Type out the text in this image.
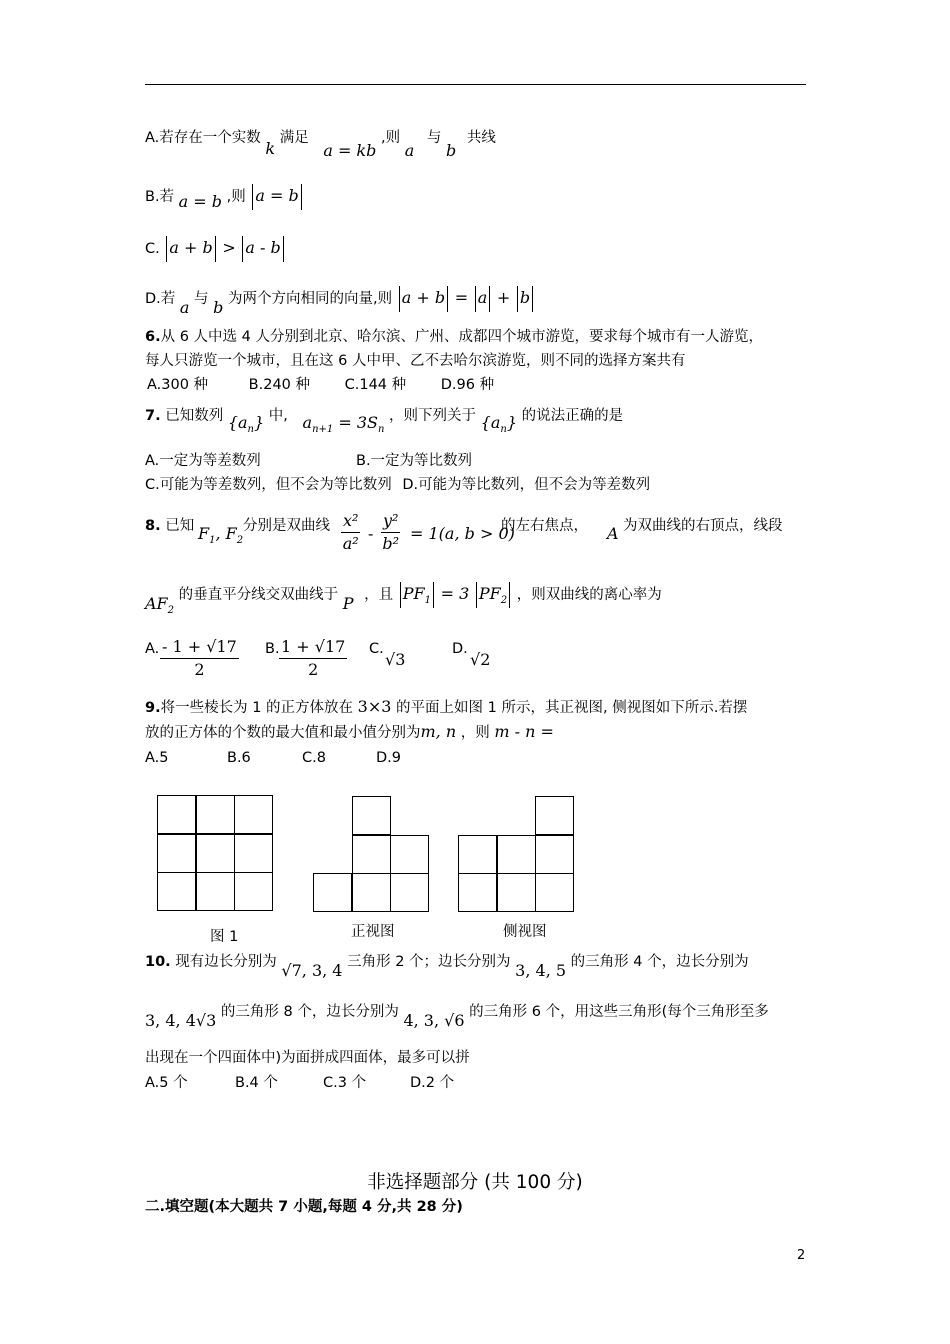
A.若存在一个实数 k 满足 a = kb ,则 a 与 b 共线
B.若 a = b ,则 a = b
C. a + b > a - b
D.若 a 与 b 为两个方向相同的向量,则 a + b = a + b
6.从 6 人中选 4 人分别到北京、哈尔滨、广州、成都四个城市游览，要求每个城市有一人游览，
每人只游览一个城市，且在这 6 人中甲、乙不去哈尔滨游览，则不同的选择方案共有
A.300 种	B.240 种 C.144 种 D.96 种
7. 已知数列 $\{a_n\}$ 中, $a_{n+1} = 3S_n$ ，则下列关于 $\{a_n\}$ 的说法正确的是
A.一定为等差数列	B.一定为等比数列
C.可能为等差数列，但不会为等比数列 D.可能为等比数列，但不会为等差数列
8. 已知 $F_1$, $F_2$
分别是双曲线 $\frac{\text{x²}}{\text{a²}} - \frac{\text{y²}}{\text{b²}} = 1(a$, b > 0)
的左右焦点， A 为双曲线的右顶点，线段
$AF_2$ 的垂直平分线交双曲线于 P ，且 $PF_1 = 3$ $PF_2$ ，则双曲线的离心率为
A. $\frac{- 1 + √17}{2} B$. $\frac{1 + √17}{2} C$.
√3
D.
√2
9.将一些棱长为 1 的正方体放在 3×3 的平面上如图 1 所示，其正视图, 侧视图如下所示.若摆
放的正方体的个数的最大值和最小值分别为m, n ，则 m - n =
A.5	B.6	C.8	D.9
图 1	正视图	侧视图
10. 现有边长分别为 √7, 3, 4 三角形 2 个；边长分别为 3, 4, 5 的三角形 4 个，边长分别为
3, 4, 4√3 的三角形 8 个，边长分别为 4, 3, √6 的三角形 6 个，用这些三角形(每个三角形至多
出现在一个四面体中)为面拼成四面体，最多可以拼
A.5 个	B.4 个	C.3 个	D.2 个
非选择题部分 (共 100 分)
二.填空题(本大题共 7 小题,每题 4 分,共 28 分)
2
